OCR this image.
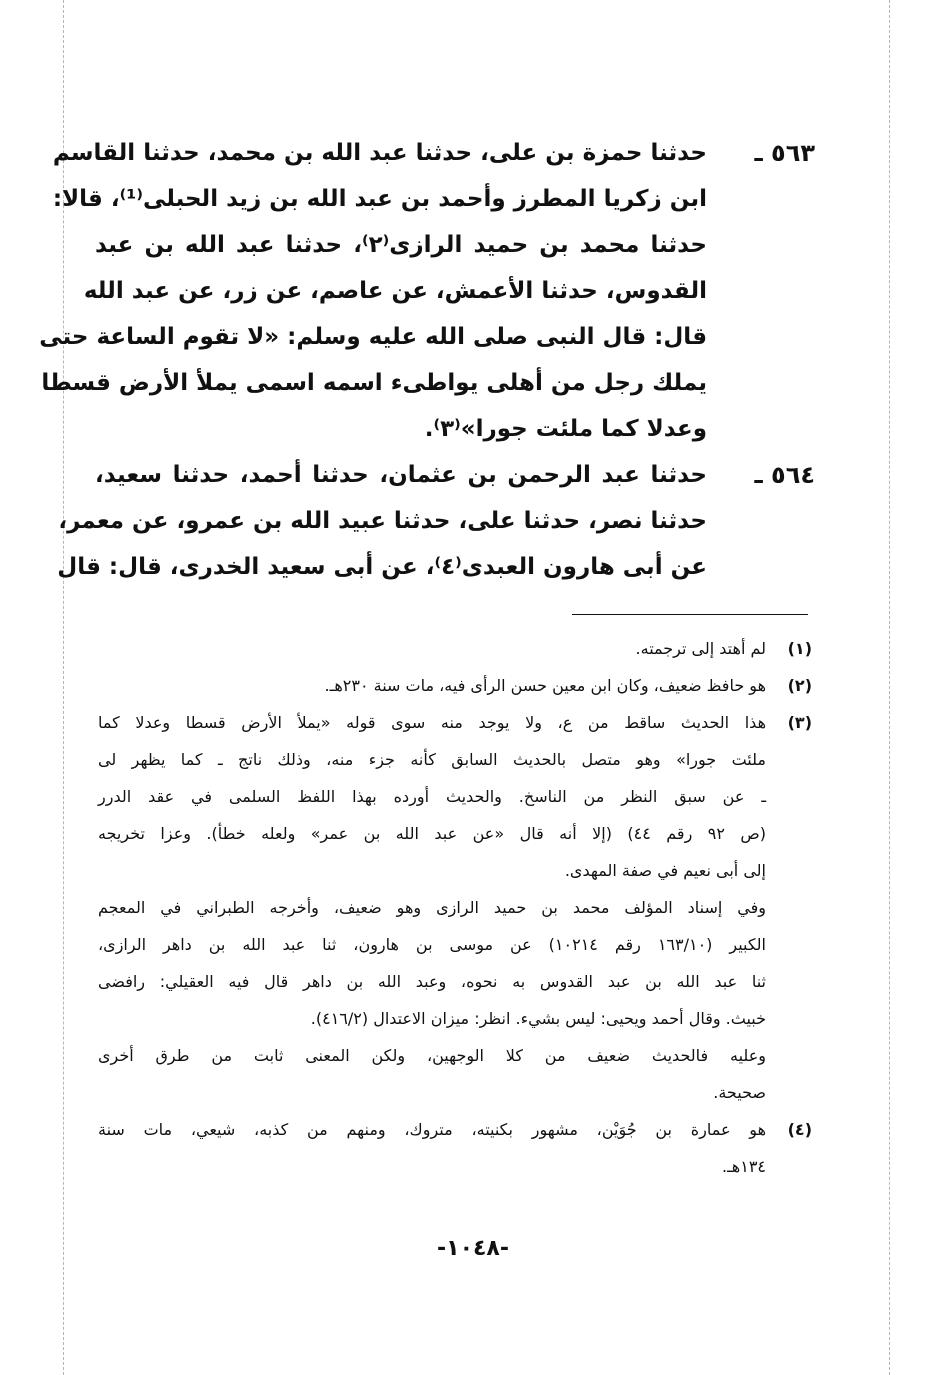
٥٦٣ ـ
حدثنا حمزة بن على، حدثنا عبد الله بن محمد، حدثنا القاسم
ابن زكريا المطرز وأحمد بن عبد الله بن زيد الحبلى⁽¹⁾، قالا:
حدثنا محمد بن حميد الرازى⁽٢⁾، حدثنا عبد الله بن عبد
القدوس، حدثنا الأعمش، عن عاصم، عن زر، عن عبد الله
قال: قال النبى صلى الله عليه وسلم: «لا تقوم الساعة حتى
يملك رجل من أهلى يواطىء اسمه اسمى يملأ الأرض قسطا
وعدلا كما ملئت جورا»⁽٣⁾.
٥٦٤ ـ
حدثنا عبد الرحمن بن عثمان، حدثنا أحمد، حدثنا سعيد،
حدثنا نصر، حدثنا على، حدثنا عبيد الله بن عمرو، عن معمر،
عن أبى هارون العبدى⁽٤⁾، عن أبى سعيد الخدرى، قال: قال
(١)
لم أهتد إلى ترجمته.
(٢)
هو حافظ ضعيف، وكان ابن معين حسن الرأى فيه، مات سنة ٢٣٠هـ.
(٣)
هذا الحديث ساقط من ع، ولا يوجد منه سوى قوله «يملأ الأرض قسطا وعدلا كما
ملئت جورا» وهو متصل بالحديث السابق كأنه جزء منه، وذلك ناتج ـ كما يظهر لى
ـ عن سبق النظر من الناسخ. والحديث أورده بهذا اللفظ السلمى في عقد الدرر
(ص ٩٢ رقم ٤٤) (إلا أنه قال «عن عبد الله بن عمر» ولعله خطأ). وعزا تخريجه
إلى أبى نعيم في صفة المهدى.
وفي إسناد المؤلف محمد بن حميد الرازى وهو ضعيف، وأخرجه الطبراني في المعجم
الكبير (١٦٣/١٠ رقم ١٠٢١٤) عن موسى بن هارون، ثنا عبد الله بن داهر الرازى،
ثنا عبد الله بن عبد القدوس به نحوه، وعبد الله بن داهر قال فيه العقيلي: رافضى
خبيث. وقال أحمد ويحيى: ليس بشيء. انظر: ميزان الاعتدال (٤١٦/٢).
وعليه فالحديث ضعيف من كلا الوجهين، ولكن المعنى ثابت من طرق أخرى
صحيحة.
(٤)
هو عمارة بن جُوَيْن، مشهور بكنيته، متروك، ومنهم من كذبه، شيعي، مات سنة
١٣٤هـ.
-١٠٤٨-
